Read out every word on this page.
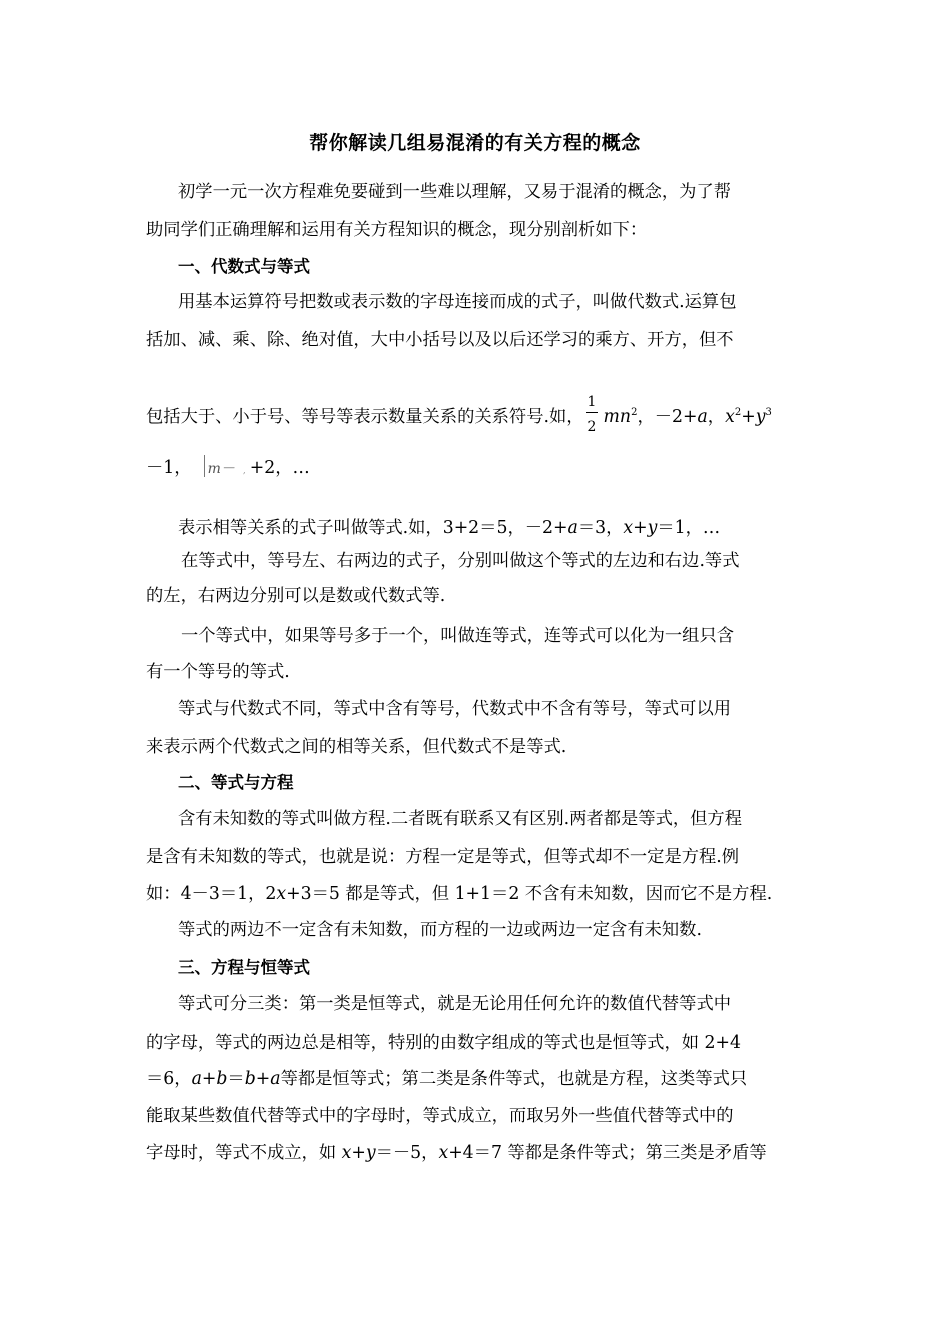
帮你解读几组易混淆的有关方程的概念
初学一元一次方程难免要碰到一些难以理解，又易于混淆的概念，为了帮
助同学们正确理解和运用有关方程知识的概念，现分别剖析如下：
一、代数式与等式
用基本运算符号把数或表示数的字母连接而成的式子，叫做代数式.运算包
括加、减、乘、除、绝对值，大中小括号以及以后还学习的乘方、开方，但不
包括大于、小于号、等号等表示数量关系的关系符号.如， $\frac{1}{2} mn^2$，－2+a，$x^2+y^3$
－1， m－ , +2，…
表示相等关系的式子叫做等式.如，3+2＝5，－2+a＝3，x+y＝1，…
在等式中，等号左、右两边的式子，分别叫做这个等式的左边和右边.等式
的左，右两边分别可以是数或代数式等.
一个等式中，如果等号多于一个，叫做连等式，连等式可以化为一组只含
有一个等号的等式.
等式与代数式不同，等式中含有等号，代数式中不含有等号，等式可以用
来表示两个代数式之间的相等关系，但代数式不是等式.
二、等式与方程
含有未知数的等式叫做方程.二者既有联系又有区别.两者都是等式，但方程
是含有未知数的等式，也就是说：方程一定是等式，但等式却不一定是方程.例
如：4－3＝1，2x+3＝5 都是等式，但 1+1＝2 不含有未知数，因而它不是方程.
等式的两边不一定含有未知数，而方程的一边或两边一定含有未知数.
三、方程与恒等式
等式可分三类：第一类是恒等式，就是无论用任何允许的数值代替等式中
的字母，等式的两边总是相等，特别的由数字组成的等式也是恒等式，如 2+4
＝6，a+b＝b+a等都是恒等式；第二类是条件等式，也就是方程，这类等式只
能取某些数值代替等式中的字母时，等式成立，而取另外一些值代替等式中的
字母时，等式不成立，如 x+y＝－5，x+4＝7 等都是条件等式；第三类是矛盾等
